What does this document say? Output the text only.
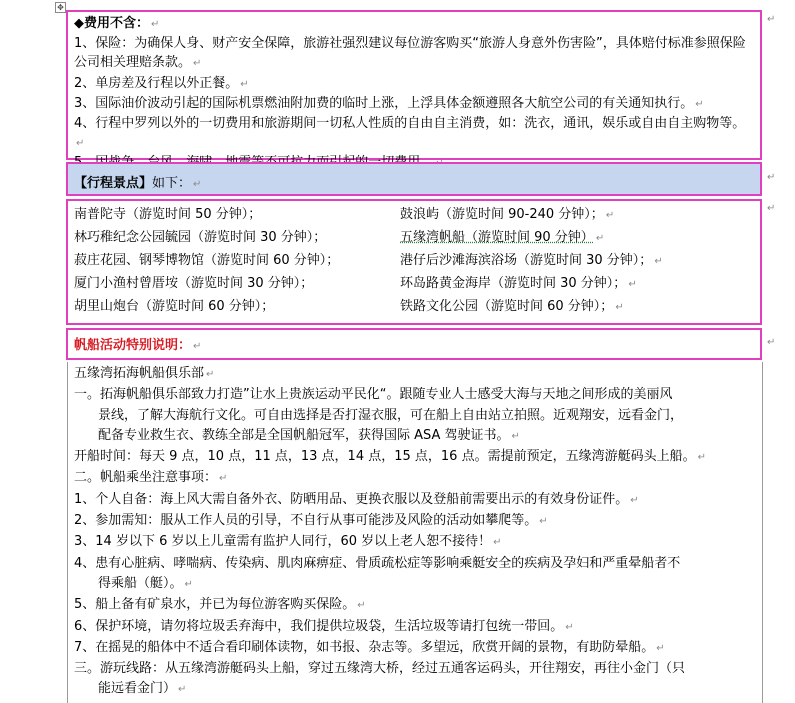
✥

◆费用不含： ↵

1、保险：为确保人身、财产安全保障，旅游社强烈建议每位游客购买“旅游人身意外伤害险”，具体赔付标准参照保险公司相关理赔条款。 ↵

2、单房差及行程以外正餐。 ↵

3、国际油价波动引起的国际机票燃油附加费的临时上涨，上浮具体金额遵照各大航空公司的有关通知执行。 ↵

4、行程中罗列以外的一切费用和旅游期间一切私人性质的自由自主消费，如：洗衣，通讯，娱乐或自由自主购物等。↵

↵

【行程景点】如下： ↵

↵
南普陀寺（游览时间 50 分钟）；	鼓浪屿（游览时间 90-240 分钟）； ↵
林巧稚纪念公园毓园（游览时间 30 分钟）；	五缘湾帆船（游览时间 90 分钟） ↵
菽庄花园、钢琴博物馆（游览时间 60 分钟）；	港仔后沙滩海滨浴场（游览时间 30 分钟）； ↵
厦门小渔村曾厝垵（游览时间 30 分钟）；	环岛路黄金海岸（游览时间 30 分钟）； ↵
胡里山炮台（游览时间 60 分钟）；	铁路文化公园（游览时间 60 分钟）； ↵
↵

帆船活动特别说明： ↵	↵

五缘湾拓海帆船俱乐部 ↵

一。拓海帆船俱乐部致力打造”让水上贵族运动平民化“。跟随专业人士感受大海与天地之间形成的美丽风

景线，了解大海航行文化。可自由选择是否打湿衣服，可在船上自由站立拍照。近观翔安，远看金门，

配备专业救生衣、教练全部是全国帆船冠军，获得国际 ASA 驾驶证书。 ↵

开船时间：每天 9 点，10 点，11 点，13 点，14 点，15 点，16 点。需提前预定，五缘湾游艇码头上船。 ↵

二。帆船乘坐注意事项： ↵

1、个人自备：海上风大需自备外衣、防晒用品、更换衣服以及登船前需要出示的有效身份证件。 ↵

2、参加需知：服从工作人员的引导，不自行从事可能涉及风险的活动如攀爬等。 ↵

3、14 岁以下 6 岁以上儿童需有监护人同行，60 岁以上老人恕不接待！ ↵

4、患有心脏病、哮喘病、传染病、肌肉麻痹症、骨质疏松症等影响乘艇安全的疾病及孕妇和严重晕船者不

得乘船（艇）。 ↵

5、船上备有矿泉水，并已为每位游客购买保险。 ↵

6、保护环境，请勿将垃圾丢弃海中，我们提供垃圾袋，生活垃圾等请打包统一带回。 ↵

7、在摇晃的船体中不适合看印刷体读物，如书报、杂志等。多望远，欣赏开阔的景物，有助防晕船。 ↵

三。游玩线路：从五缘湾游艇码头上船，穿过五缘湾大桥，经过五通客运码头，开往翔安，再往小金门（只

能远看金门） ↵
